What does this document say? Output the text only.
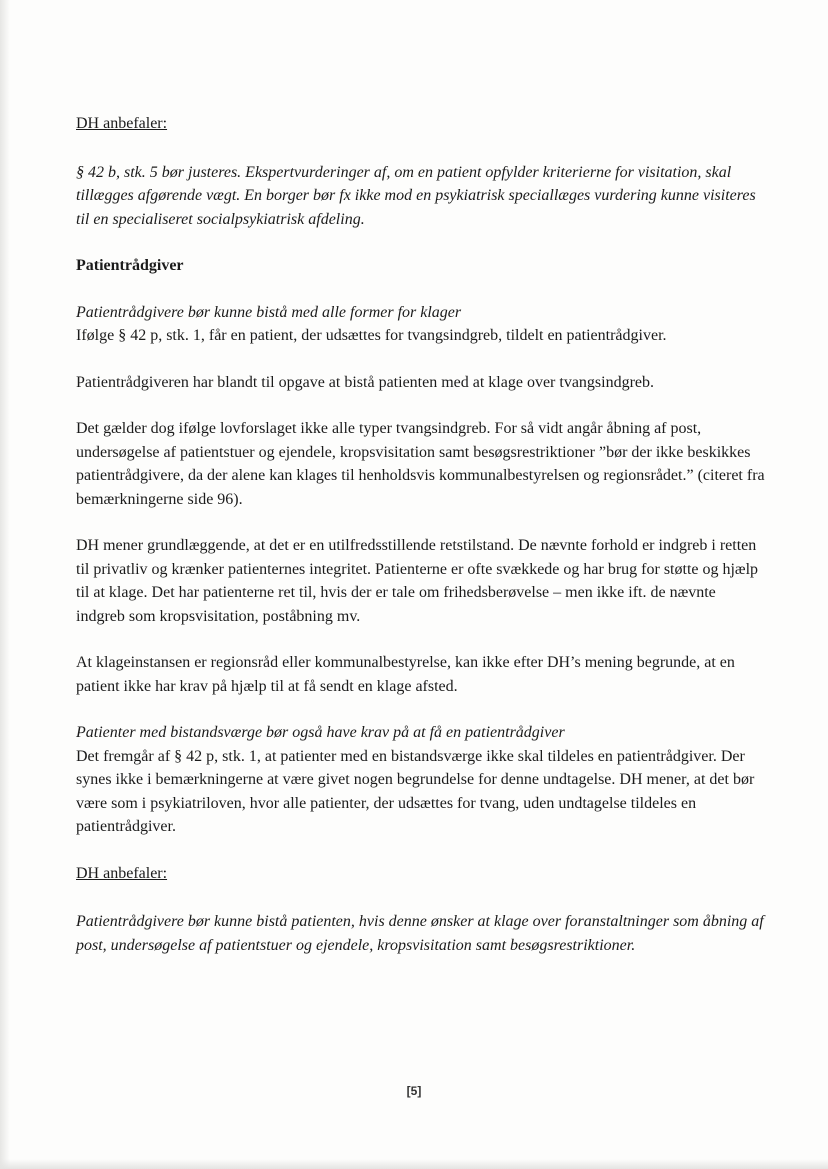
DH anbefaler:

§ 42 b, stk. 5 bør justeres. Ekspertvurderinger af, om en patient opfylder kriterierne for visitation, skal tillægges afgørende vægt. En borger bør fx ikke mod en psykiatrisk speciallæges vurdering kunne visiteres til en specialiseret socialpsykiatrisk afdeling.

Patientrådgiver

Patientrådgivere bør kunne bistå med alle former for klager

Ifølge § 42 p, stk. 1, får en patient, der udsættes for tvangsindgreb, tildelt en patientrådgiver.

Patientrådgiveren har blandt til opgave at bistå patienten med at klage over tvangsindgreb.

Det gælder dog ifølge lovforslaget ikke alle typer tvangsindgreb. For så vidt angår åbning af post, undersøgelse af patientstuer og ejendele, kropsvisitation samt besøgsrestriktioner ”bør der ikke beskikkes patientrådgivere, da der alene kan klages til henholdsvis kommunalbestyrelsen og regionsrådet.” (citeret fra bemærkningerne side 96).

DH mener grundlæggende, at det er en utilfredsstillende retstilstand. De nævnte forhold er indgreb i retten til privatliv og krænker patienternes integritet. Patienterne er ofte svækkede og har brug for støtte og hjælp til at klage. Det har patienterne ret til, hvis der er tale om frihedsberøvelse – men ikke ift. de nævnte indgreb som kropsvisitation, poståbning mv.

At klageinstansen er regionsråd eller kommunalbestyrelse, kan ikke efter DH’s mening begrunde, at en patient ikke har krav på hjælp til at få sendt en klage afsted.

Patienter med bistandsværge bør også have krav på at få en patientrådgiver

Det fremgår af § 42 p, stk. 1, at patienter med en bistandsværge ikke skal tildeles en patientrådgiver. Der synes ikke i bemærkningerne at være givet nogen begrundelse for denne undtagelse. DH mener, at det bør være som i psykiatriloven, hvor alle patienter, der udsættes for tvang, uden undtagelse tildeles en patientrådgiver.

DH anbefaler:

Patientrådgivere bør kunne bistå patienten, hvis denne ønsker at klage over foranstaltninger som åbning af post, undersøgelse af patientstuer og ejendele, kropsvisitation samt besøgsrestriktioner.

[5]
